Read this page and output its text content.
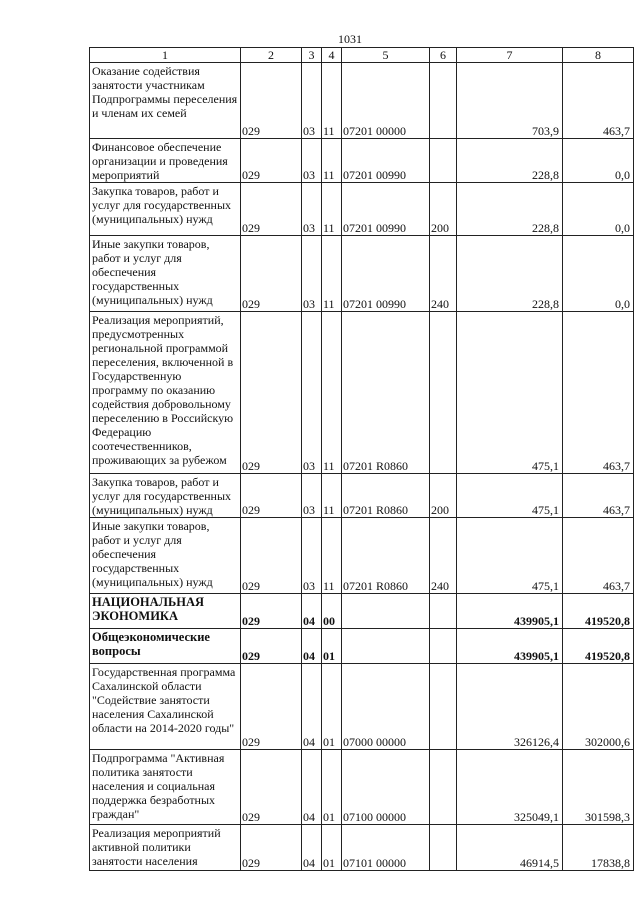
1031
1	2	3	4	5	6	7	8
Оказание содействия занятости участникам Подпрограммы переселения и членам их семей	029	03	11	07201 00000		703,9	463,7
Финансовое обеспечение организации и проведения мероприятий	029	03	11	07201 00990		228,8	0,0
Закупка товаров, работ и услуг для государственных (муниципальных) нужд	029	03	11	07201 00990	200	228,8	0,0
Иные закупки товаров, работ и услуг для обеспечения государственных (муниципальных) нужд	029	03	11	07201 00990	240	228,8	0,0
Реализация мероприятий, предусмотренных региональной программой переселения, включенной в Государственную программу по оказанию содействия добровольному переселению в Российскую Федерацию соотечественников, проживающих за рубежом	029	03	11	07201 R0860		475,1	463,7
Закупка товаров, работ и услуг для государственных (муниципальных) нужд	029	03	11	07201 R0860	200	475,1	463,7
Иные закупки товаров, работ и услуг для обеспечения государственных (муниципальных) нужд	029	03	11	07201 R0860	240	475,1	463,7
НАЦИОНАЛЬНАЯ ЭКОНОМИКА	029	04	00			439905,1	419520,8
Общеэкономические вопросы	029	04	01			439905,1	419520,8
Государственная программа Сахалинской области "Содействие занятости населения Сахалинской области на 2014-2020 годы"	029	04	01	07000 00000		326126,4	302000,6
Подпрограмма "Активная политика занятости населения и социальная поддержка безработных граждан"	029	04	01	07100 00000		325049,1	301598,3
Реализация мероприятий активной политики занятости населения	029	04	01	07101 00000		46914,5	17838,8
